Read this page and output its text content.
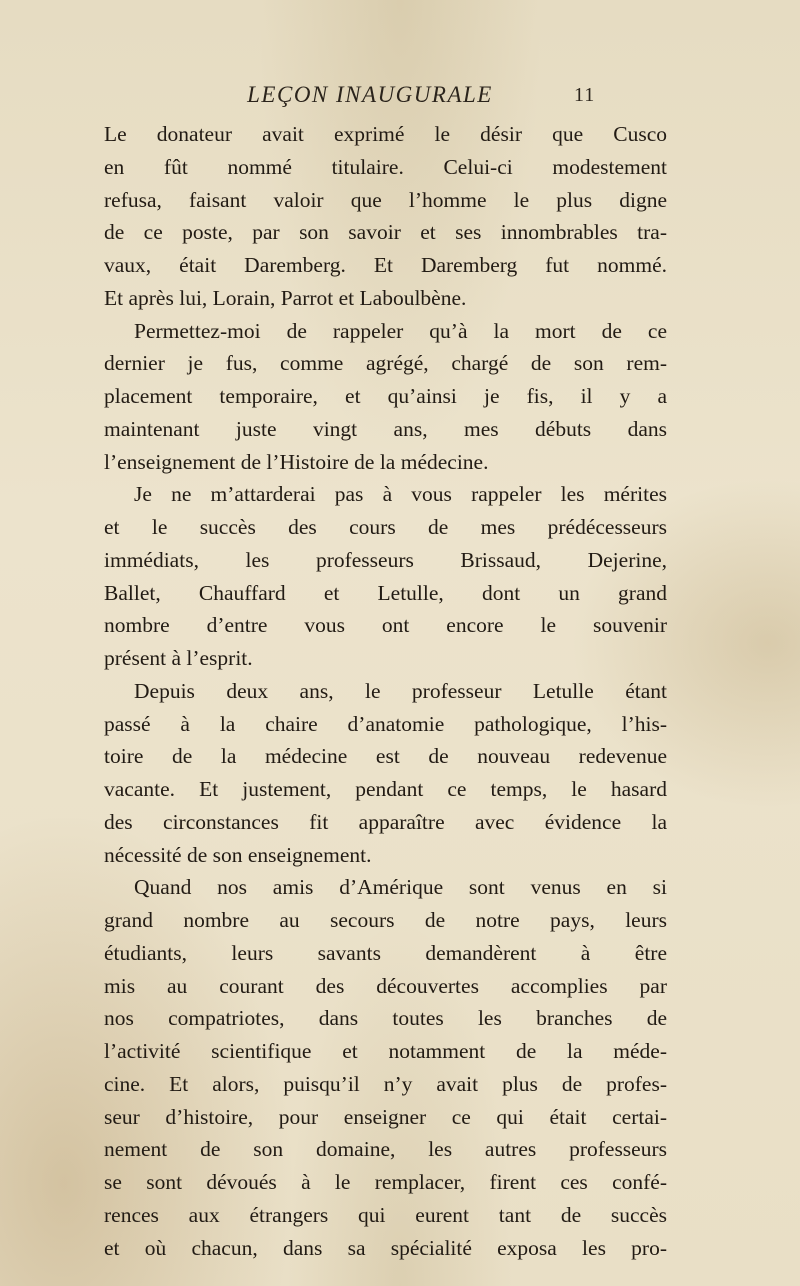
LEÇON INAUGURALE	11
Le donateur avait exprimé le désir que Cusco
en fût nommé titulaire. Celui-ci modestement
refusa, faisant valoir que l’homme le plus digne
de ce poste, par son savoir et ses innombrables tra-
vaux, était Daremberg. Et Daremberg fut nommé.
Et après lui, Lorain, Parrot et Laboulbène.
Permettez-moi de rappeler qu’à la mort de ce
dernier je fus, comme agrégé, chargé de son rem-
placement temporaire, et qu’ainsi je fis, il y a
maintenant juste vingt ans, mes débuts dans
l’enseignement de l’Histoire de la médecine.
Je ne m’attarderai pas à vous rappeler les mérites
et le succès des cours de mes prédécesseurs
immédiats, les professeurs Brissaud, Dejerine,
Ballet, Chauffard et Letulle, dont un grand
nombre d’entre vous ont encore le souvenir
présent à l’esprit.
Depuis deux ans, le professeur Letulle étant
passé à la chaire d’anatomie pathologique, l’his-
toire de la médecine est de nouveau redevenue
vacante. Et justement, pendant ce temps, le hasard
des circonstances fit apparaître avec évidence la
nécessité de son enseignement.
Quand nos amis d’Amérique sont venus en si
grand nombre au secours de notre pays, leurs
étudiants, leurs savants demandèrent à être
mis au courant des découvertes accomplies par
nos compatriotes, dans toutes les branches de
l’activité scientifique et notamment de la méde-
cine. Et alors, puisqu’il n’y avait plus de profes-
seur d’histoire, pour enseigner ce qui était certai-
nement de son domaine, les autres professeurs
se sont dévoués à le remplacer, firent ces confé-
rences aux étrangers qui eurent tant de succès
et où chacun, dans sa spécialité exposa les pro-
